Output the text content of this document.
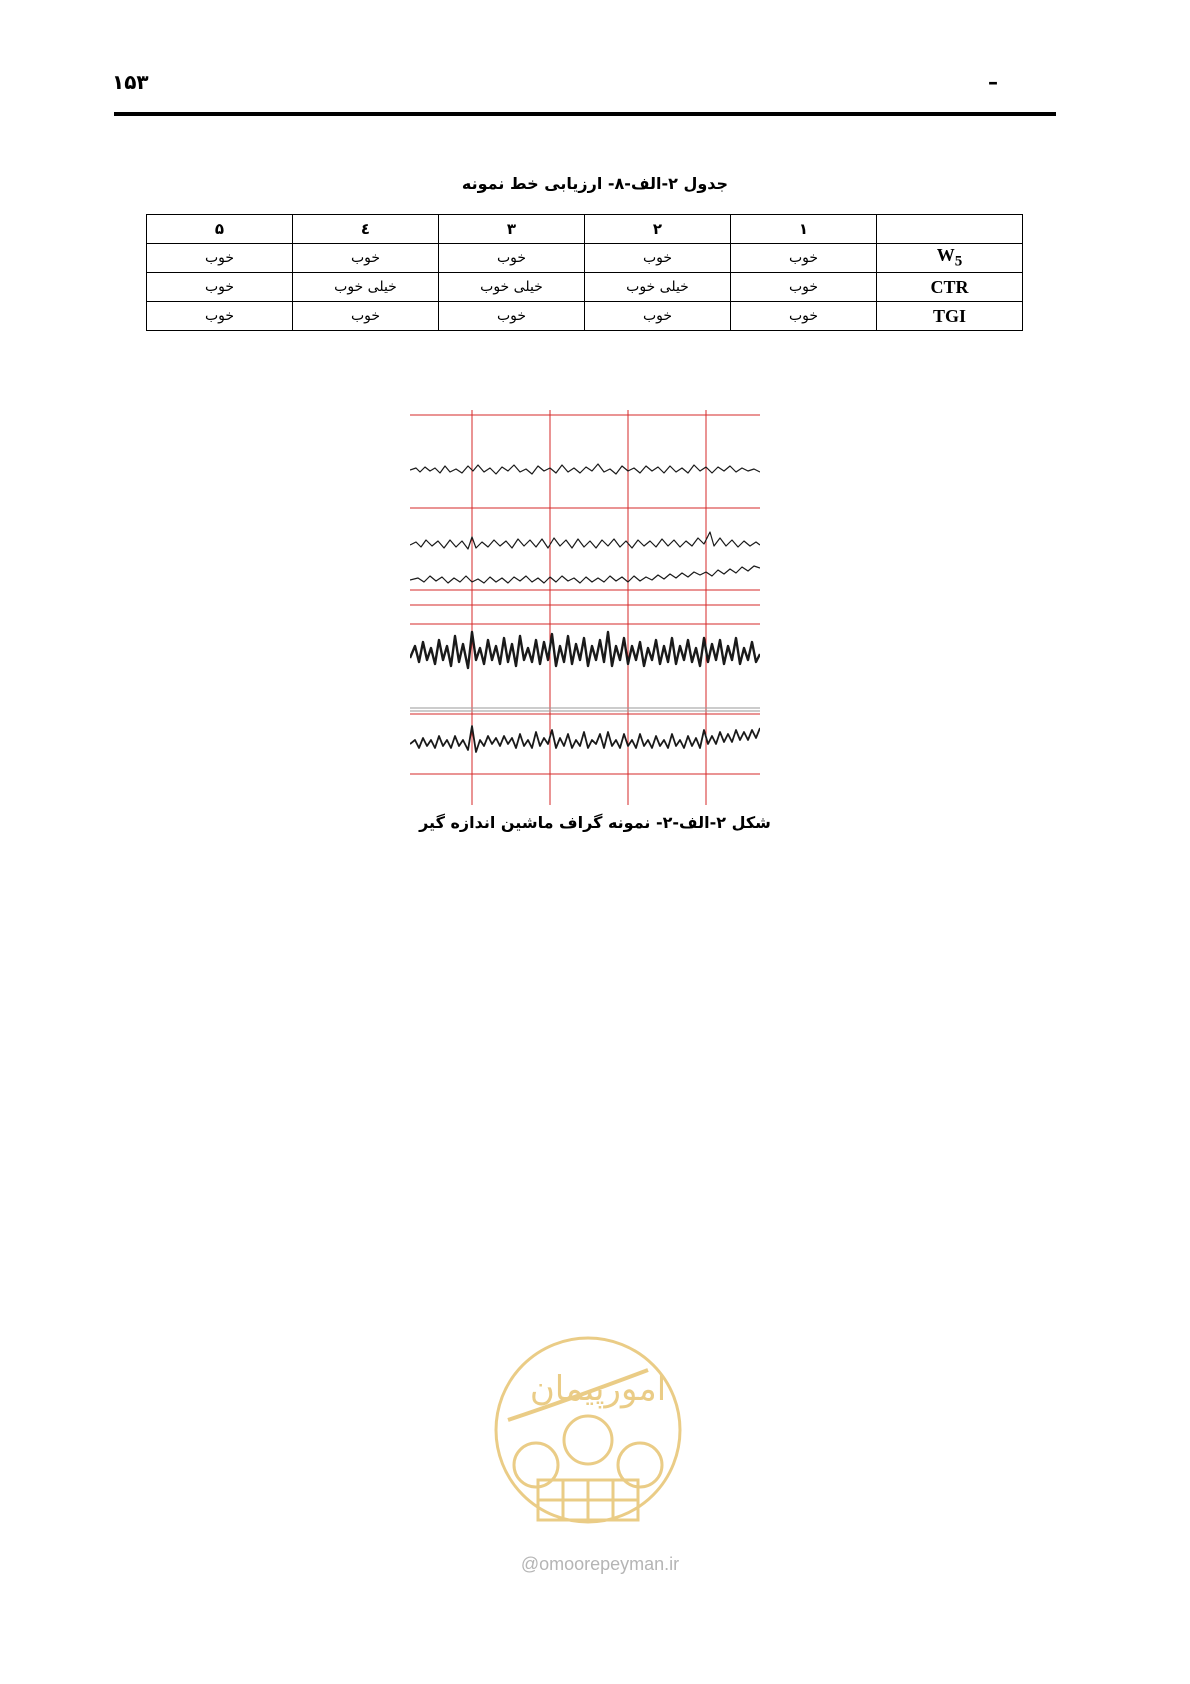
۱۵۳	–
جدول ۲-الف-۸- ارزیابی خط نمونه
	۱	۲	۳	٤	۵
$W_5$	خوب	خوب	خوب	خوب	خوب
CTR	خوب	خیلی خوب	خیلی خوب	خیلی خوب	خوب
TGI	خوب	خوب	خوب	خوب	خوب
شکل ۲-الف-۲- نمونه گراف ماشین اندازه گیر
امورپیمان
@omoorepeyman.ir
